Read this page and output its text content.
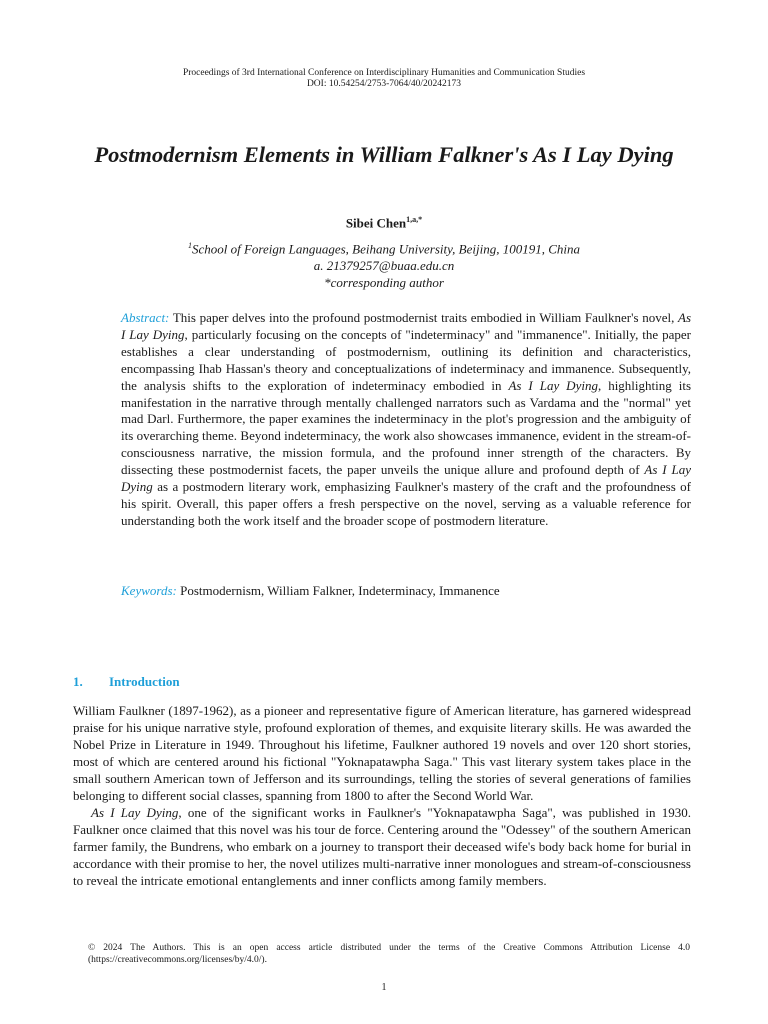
Proceedings of 3rd International Conference on Interdisciplinary Humanities and Communication Studies
DOI: 10.54254/2753-7064/40/20242173
Postmodernism Elements in William Falkner's As I Lay Dying
Sibei Chen$^{1,a,*}$
$^1$School of Foreign Languages, Beihang University, Beijing, 100191, China
a. 21379257@buaa.edu.cn
*corresponding author
Abstract: This paper delves into the profound postmodernist traits embodied in William Faulkner's novel, As I Lay Dying, particularly focusing on the concepts of "indeterminacy" and "immanence". Initially, the paper establishes a clear understanding of postmodernism, outlining its definition and characteristics, encompassing Ihab Hassan's theory and conceptualizations of indeterminacy and immanence. Subsequently, the analysis shifts to the exploration of indeterminacy embodied in As I Lay Dying, highlighting its manifestation in the narrative through mentally challenged narrators such as Vardama and the "normal" yet mad Darl. Furthermore, the paper examines the indeterminacy in the plot's progression and the ambiguity of its overarching theme. Beyond indeterminacy, the work also showcases immanence, evident in the stream-of-consciousness narrative, the mission formula, and the profound inner strength of the characters. By dissecting these postmodernist facets, the paper unveils the unique allure and profound depth of As I Lay Dying as a postmodern literary work, emphasizing Faulkner's mastery of the craft and the profoundness of his spirit. Overall, this paper offers a fresh perspective on the novel, serving as a valuable reference for understanding both the work itself and the broader scope of postmodern literature.
Keywords: Postmodernism, William Falkner, Indeterminacy, Immanence
1. Introduction

William Faulkner (1897-1962), as a pioneer and representative figure of American literature, has garnered widespread praise for his unique narrative style, profound exploration of themes, and exquisite literary skills. He was awarded the Nobel Prize in Literature in 1949. Throughout his lifetime, Faulkner authored 19 novels and over 120 short stories, most of which are centered around his fictional "Yoknapatawpha Saga." This vast literary system takes place in the small southern American town of Jefferson and its surroundings, telling the stories of several generations of families belonging to different social classes, spanning from 1800 to after the Second World War.

As I Lay Dying, one of the significant works in Faulkner's "Yoknapatawpha Saga", was published in 1930. Faulkner once claimed that this novel was his tour de force. Centering around the "Odessey" of the southern American farmer family, the Bundrens, who embark on a journey to transport their deceased wife's body back home for burial in accordance with their promise to her, the novel utilizes multi-narrative inner monologues and stream-of-consciousness to reveal the intricate emotional entanglements and inner conflicts among family members.

© 2024 The Authors. This is an open access article distributed under the terms of the Creative Commons Attribution License 4.0 (https://creativecommons.org/licenses/by/4.0/).
1
